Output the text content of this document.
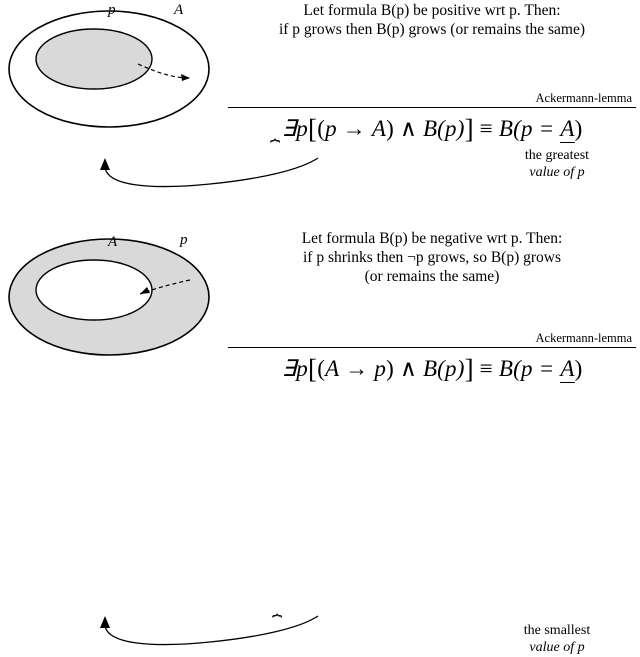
p	A	Let formula B(p) be positive wrt p. Then:
if p grows then B(p) grows (or remains the same)
Ackermann-lemma
∃p[(p → A) ∧ B(p)] ≡ B(p = A)
⏞	the greatest
value of p
A	p	Let formula B(p) be negative wrt p. Then:
if p shrinks then ¬p grows, so B(p) grows
(or remains the same)
Ackermann-lemma
∃p[(A → p) ∧ B(p)] ≡ B(p = A)
⏞	the smallest
value of p
